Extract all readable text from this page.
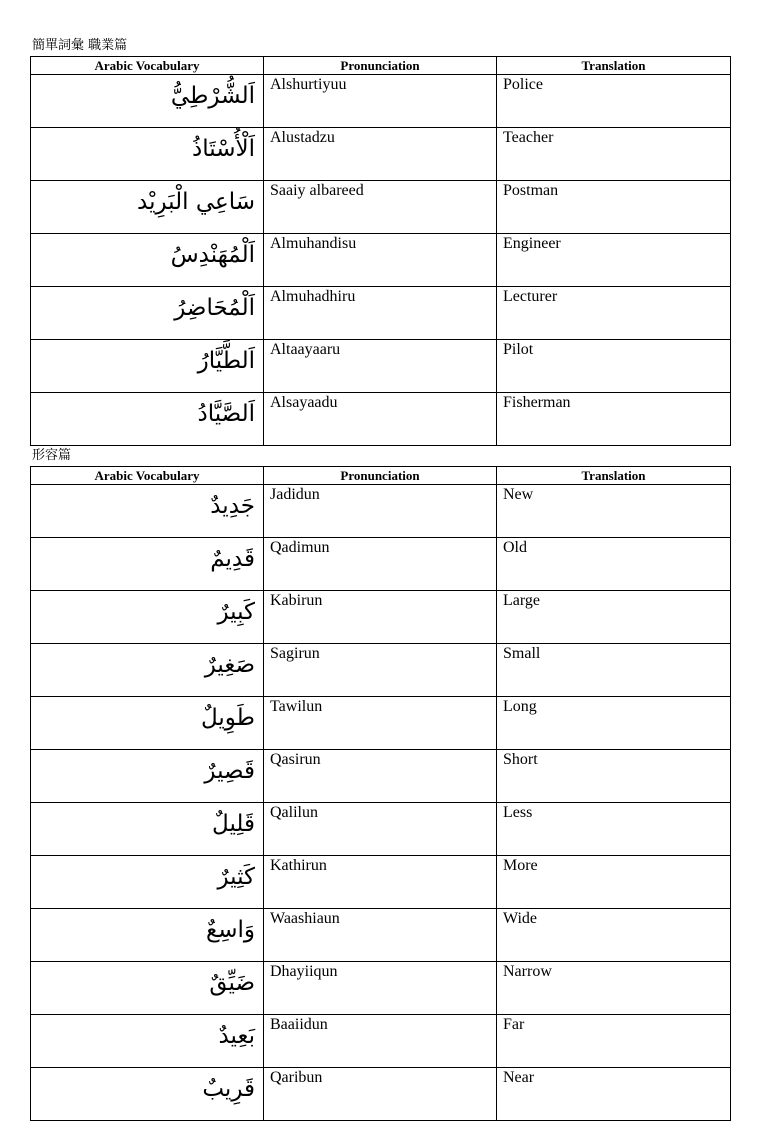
簡單詞彙 職業篇
Arabic Vocabulary	Pronunciation	Translation
اَلشُّرْطِيُّ	Alshurtiyuu	Police
اَلْأُسْتَاذُ	Alustadzu	Teacher
سَاعِي الْبَرِيْد	Saaiy albareed	Postman
اَلْمُهَنْدِسُ	Almuhandisu	Engineer
اَلْمُحَاضِرُ	Almuhadhiru	Lecturer
اَلطَّيَّارُ	Altaayaaru	Pilot
اَلصَّيَّادُ	Alsayaadu	Fisherman
形容篇
Arabic Vocabulary	Pronunciation	Translation
جَدِيدٌ	Jadidun	New
قَدِيمٌ	Qadimun	Old
كَبِيرٌ	Kabirun	Large
صَغِيرٌ	Sagirun	Small
طَوِيلٌ	Tawilun	Long
قَصِيرٌ	Qasirun	Short
قَلِيلٌ	Qalilun	Less
كَثِيرٌ	Kathirun	More
وَاسِعٌ	Waashiaun	Wide
ضَيِّقٌ	Dhayiiqun	Narrow
بَعِيدٌ	Baaiidun	Far
قَرِيبٌ	Qaribun	Near
